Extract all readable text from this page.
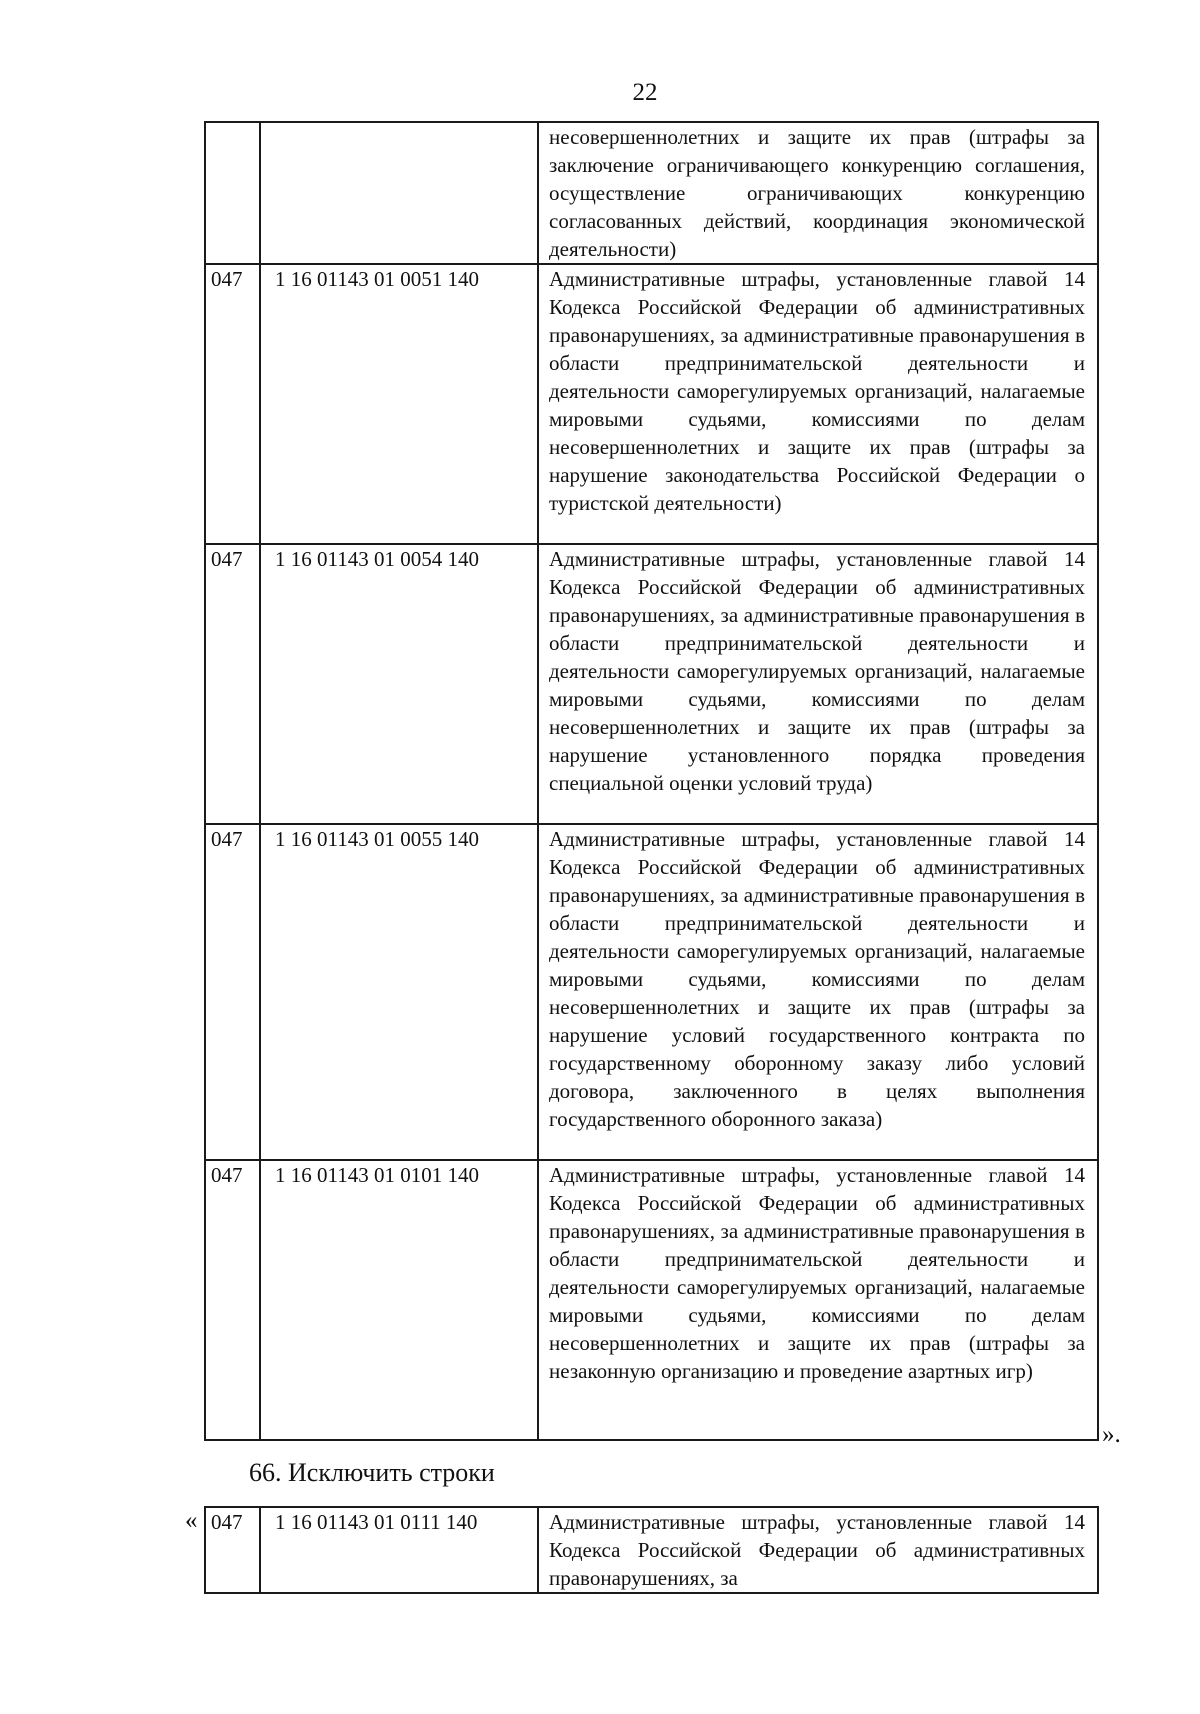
22

		несовершеннолетних и защите их прав (штрафы за заключение ограничивающего конкуренцию соглашения, осуществление ограничивающих конкуренцию согласованных действий, координация экономической деятельности)

047	1 16 01143 01 0051 140	Административные штрафы, установленные главой 14 Кодекса Российской Федерации об административных правонарушениях, за административные правонарушения в области предпринимательской деятельности и деятельности саморегулируемых организаций, налагаемые мировыми судьями, комиссиями по делам несовершеннолетних и защите их прав (штрафы за нарушение законодательства Российской Федерации о туристской деятельности)

047	1 16 01143 01 0054 140	Административные штрафы, установленные главой 14 Кодекса Российской Федерации об административных правонарушениях, за административные правонарушения в области предпринимательской деятельности и деятельности саморегулируемых организаций, налагаемые мировыми судьями, комиссиями по делам несовершеннолетних и защите их прав (штрафы за нарушение установленного порядка проведения специальной оценки условий труда)

047	1 16 01143 01 0055 140	Административные штрафы, установленные главой 14 Кодекса Российской Федерации об административных правонарушениях, за административные правонарушения в области предпринимательской деятельности и деятельности саморегулируемых организаций, налагаемые мировыми судьями, комиссиями по делам несовершеннолетних и защите их прав (штрафы за нарушение условий государственного контракта по государственному оборонному заказу либо условий договора, заключенного в целях выполнения государственного оборонного заказа)

047	1 16 01143 01 0101 140	Административные штрафы, установленные главой 14 Кодекса Российской Федерации об административных правонарушениях, за административные правонарушения в области предпринимательской деятельности и деятельности саморегулируемых организаций, налагаемые мировыми судьями, комиссиями по делам несовершеннолетних и защите их прав (штрафы за незаконную организацию и проведение азартных игр)
».
66. Исключить строки
« 047	1 16 01143 01 0111 140	Административные штрафы, установленные главой 14 Кодекса Российской Федерации об административных правонарушениях, за
